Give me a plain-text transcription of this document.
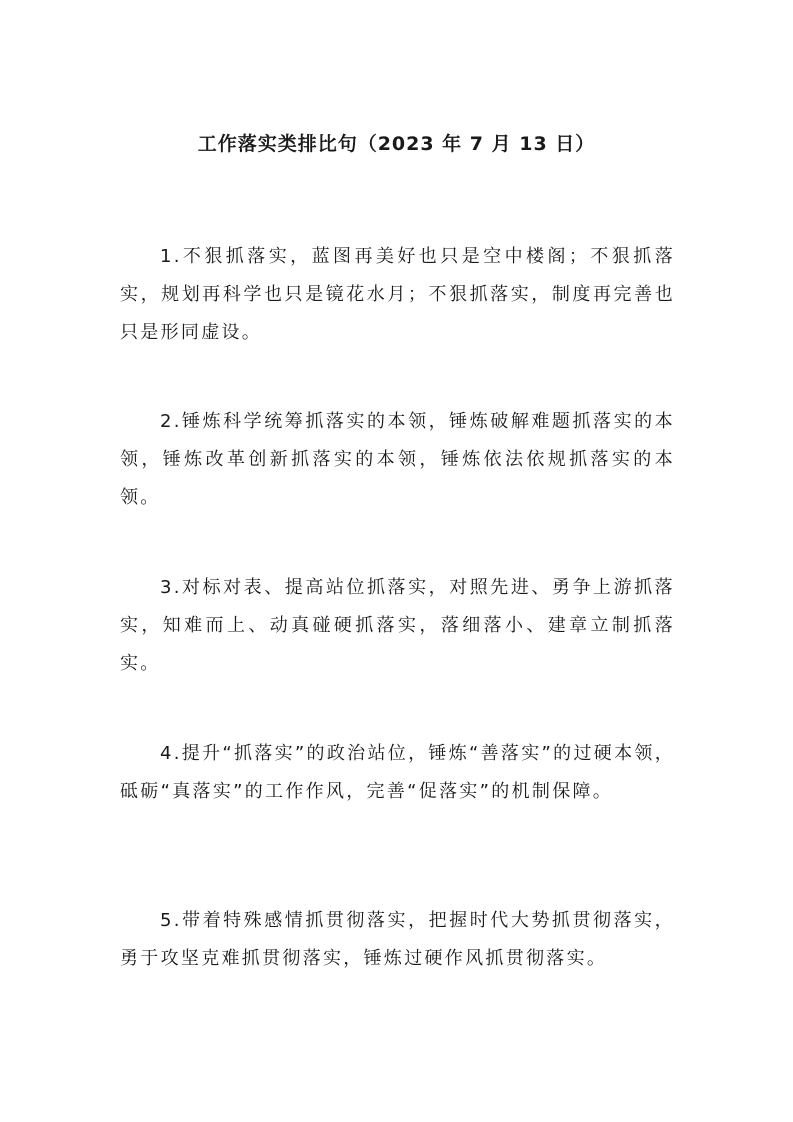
工作落实类排比句（2023 年 7 月 13 日）

1.不狠抓落实，蓝图再美好也只是空中楼阁；不狠抓落实，规划再科学也只是镜花水月；不狠抓落实，制度再完善也只是形同虚设。

2.锤炼科学统筹抓落实的本领，锤炼破解难题抓落实的本领，锤炼改革创新抓落实的本领，锤炼依法依规抓落实的本领。

3.对标对表、提高站位抓落实，对照先进、勇争上游抓落实，知难而上、动真碰硬抓落实，落细落小、建章立制抓落实。

4.提升“抓落实”的政治站位，锤炼“善落实”的过硬本领，砥砺“真落实”的工作作风，完善“促落实”的机制保障。

5.带着特殊感情抓贯彻落实，把握时代大势抓贯彻落实，勇于攻坚克难抓贯彻落实，锤炼过硬作风抓贯彻落实。
